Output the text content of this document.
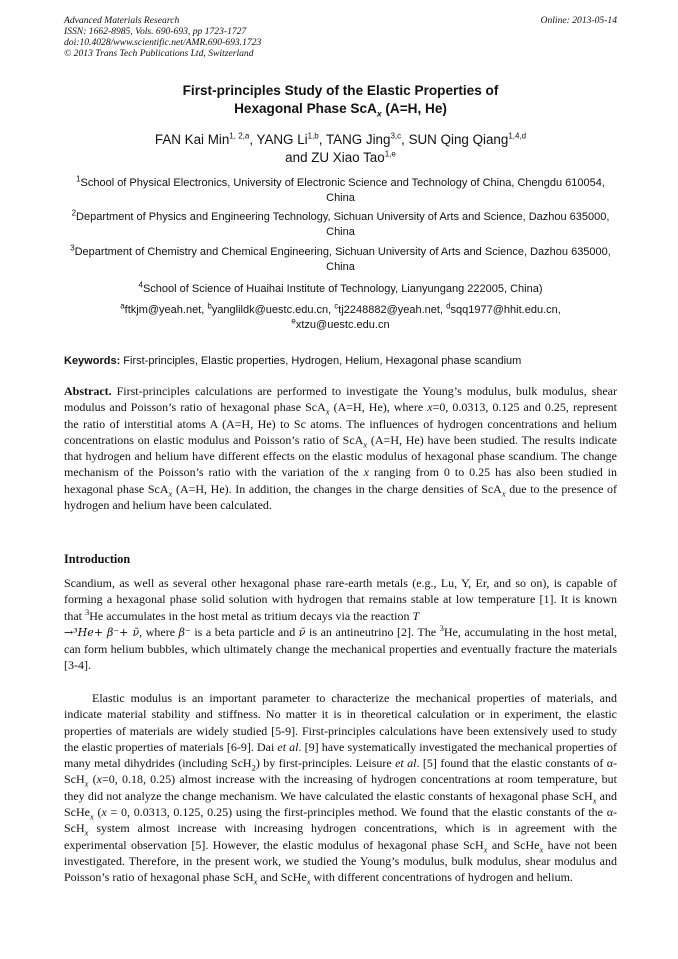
Advanced Materials Research
ISSN: 1662-8985, Vols. 690-693, pp 1723-1727
doi:10.4028/www.scientific.net/AMR.690-693.1723
© 2013 Trans Tech Publications Ltd, Switzerland
Online: 2013-05-14
First-principles Study of the Elastic Properties of
Hexagonal Phase ScA$_x$ (A=H, He)
FAN Kai Min$^{1, 2,a}$, YANG Li$^{1,b}$, TANG Jing$^{3,c}$, SUN Qing Qiang$^{1,4,d}$
and ZU Xiao Tao$^{1,e}$
$^1$School of Physical Electronics, University of Electronic Science and Technology of China, Chengdu 610054, China
$^2$Department of Physics and Engineering Technology, Sichuan University of Arts and Science, Dazhou 635000, China
$^3$Department of Chemistry and Chemical Engineering, Sichuan University of Arts and Science, Dazhou 635000, China
$^4$School of Science of Huaihai Institute of Technology, Lianyungang 222005, China)
$^a$ftkjm@yeah.net, $^b$yanglildk@uestc.edu.cn, $^c$tj2248882@yeah.net, $^d$sqq1977@hhit.edu.cn,
$^e$xtzu@uestc.edu.cn
Keywords: First-principles, Elastic properties, Hydrogen, Helium, Hexagonal phase scandium
Abstract. First-principles calculations are performed to investigate the Young’s modulus, bulk modulus, shear modulus and Poisson’s ratio of hexagonal phase ScA$_x$ (A=H, He), where x=0, 0.0313, 0.125 and 0.25, represent the ratio of interstitial atoms A (A=H, He) to Sc atoms. The influences of hydrogen concentrations and helium concentrations on elastic modulus and Poisson’s ratio of ScA$_x$ (A=H, He) have been studied. The results indicate that hydrogen and helium have different effects on the elastic modulus of hexagonal phase scandium. The change mechanism of the Poisson’s ratio with the variation of the x ranging from 0 to 0.25 has also been studied in hexagonal phase ScA$_x$ (A=H, He). In addition, the changes in the charge densities of ScA$_x$ due to the presence of hydrogen and helium have been calculated.
Introduction
Scandium, as well as several other hexagonal phase rare-earth metals (e.g., Lu, Y, Er, and so on), is capable of forming a hexagonal phase solid solution with hydrogen that remains stable at low temperature [1]. It is known that $^3$He accumulates in the host metal as tritium decays via the reaction T
→³He+ β⁻+ ν̄, where β⁻ is a beta particle and ν̄ is an antineutrino [2]. The $^3$He, accumulating in the host metal, can form helium bubbles, which ultimately change the mechanical properties and eventually fracture the materials [3-4].
Elastic modulus is an important parameter to characterize the mechanical properties of materials, and indicate material stability and stiffness. No matter it is in theoretical calculation or in experiment, the elastic properties of materials are widely studied [5-9]. First-principles calculations have been extensively used to study the elastic properties of materials [6-9]. Dai et al. [9] have systematically investigated the mechanical properties of many metal dihydrides (including ScH$_2$) by first-principles. Leisure et al. [5] found that the elastic constants of α-ScH$_x$ (x=0, 0.18, 0.25) almost increase with the increasing of hydrogen concentrations at room temperature, but they did not analyze the change mechanism. We have calculated the elastic constants of hexagonal phase ScH$_x$ and ScHe$_x$ (x = 0, 0.0313, 0.125, 0.25) using the first-principles method. We found that the elastic constants of the α-ScH$_x$ system almost increase with increasing hydrogen concentrations, which is in agreement with the experimental observation [5]. However, the elastic modulus of hexagonal phase ScH$_x$ and ScHe$_x$ have not been investigated. Therefore, in the present work, we studied the Young’s modulus, bulk modulus, shear modulus and Poisson’s ratio of hexagonal phase ScH$_x$ and ScHe$_x$ with different concentrations of hydrogen and helium.
